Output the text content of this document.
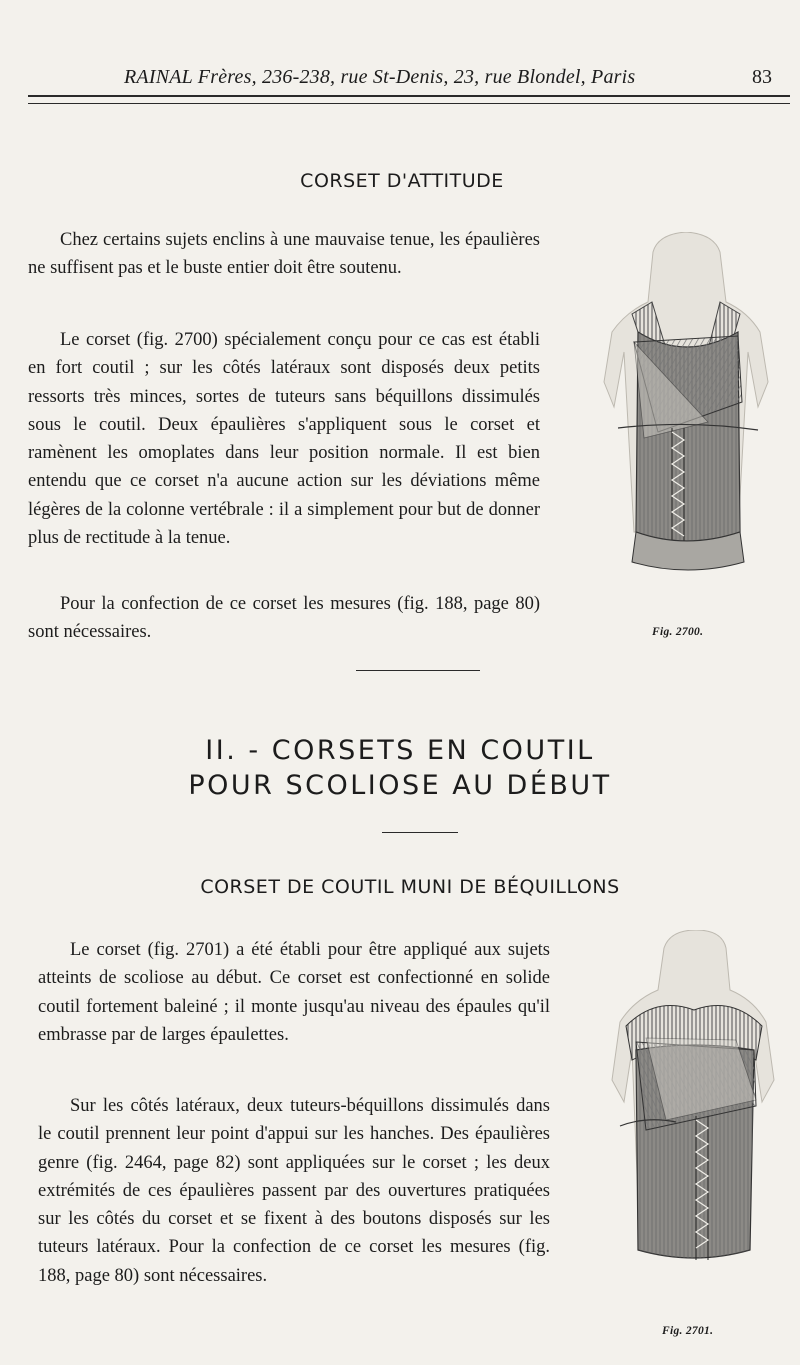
RAINAL Frères, 236-238, rue St-Denis, 23, rue Blondel, Paris	83
CORSET D'ATTITUDE

Chez certains sujets enclins à une mauvaise tenue, les épaulières ne suffisent pas et le buste entier doit être soutenu.

Le corset (fig. 2700) spécialement conçu pour ce cas est établi en fort coutil ; sur les côtés latéraux sont disposés deux petits ressorts très minces, sortes de tuteurs sans béquillons dissimulés sous le coutil. Deux épaulières s'appliquent sous le corset et ramènent les omoplates dans leur position normale. Il est bien entendu que ce corset n'a aucune action sur les déviations même légères de la colonne vertébrale : il a simplement pour but de donner plus de rectitude à la tenue.

Pour la confection de ce corset les mesures (fig. 188, page 80) sont nécessaires.	Fig. 2700.
II. - CORSETS EN COUTIL
POUR SCOLIOSE AU DÉBUT
CORSET DE COUTIL MUNI DE BÉQUILLONS

Le corset (fig. 2701) a été établi pour être appliqué aux sujets atteints de scoliose au début. Ce corset est confectionné en solide coutil fortement baleiné ; il monte jusqu'au niveau des épaules qu'il embrasse par de larges épaulettes.

Sur les côtés latéraux, deux tuteurs-béquillons dissimulés dans le coutil prennent leur point d'appui sur les hanches. Des épaulières genre (fig. 2464, page 82) sont appliquées sur le corset ; les deux extrémités de ces épaulières passent par des ouvertures pratiquées sur les côtés du corset et se fixent à des boutons disposés sur les tuteurs latéraux. Pour la confection de ce corset les mesures (fig. 188, page 80) sont nécessaires.

Fig. 2701.
